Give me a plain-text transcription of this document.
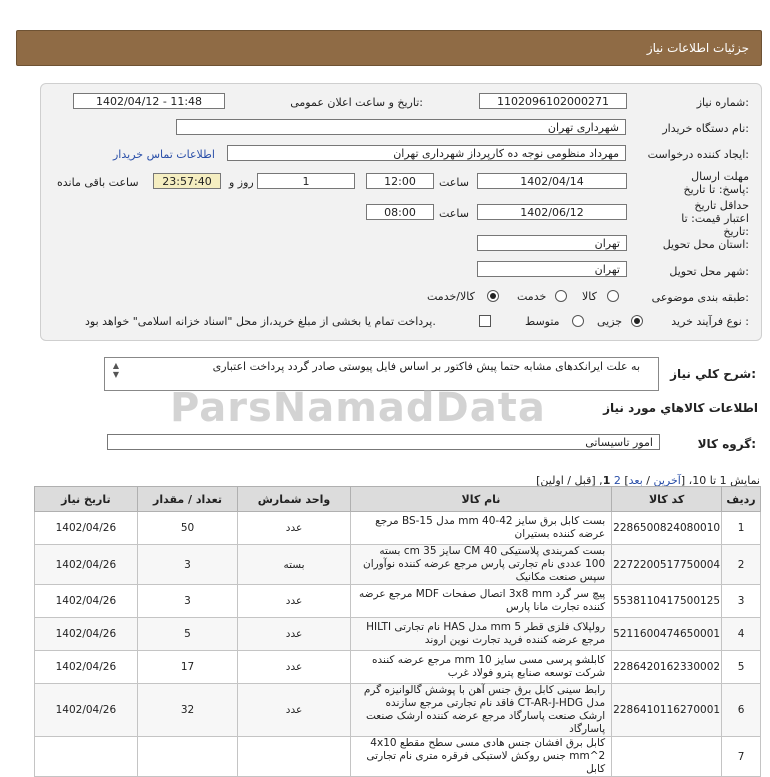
جزئیات اطلاعات نیاز
شماره نیاز:
1102096102000271
تاریخ و ساعت اعلان عمومی:
1402/04/12 - 11:48
نام دستگاه خریدار:
شهرداری تهران
ایجاد کننده درخواست:
مهرداد منظومی نوجه ده کارپرداز شهرداری تهران
اطلاعات تماس خریدار
مهلت ارسال پاسخ: تا تاریخ:
1402/04/14
ساعت
12:00
1
روز و
23:57:40
ساعت باقی مانده
حداقل تاریخ اعتبار قیمت: تا تاریخ:
1402/06/12
ساعت
08:00
استان محل تحویل:
تهران
شهر محل تحویل:
تهران
طبقه بندی موضوعی:
کالا
خدمت
کالا/خدمت
نوع فرآیند خرید :
جزیی
متوسط
پرداخت تمام یا بخشی از مبلغ خرید،از محل "اسناد خزانه اسلامی" خواهد بود.
شرح کلي نياز:
به علت ایرانکدهای مشابه حتما پیش فاکتور بر اساس فایل پیوستی صادر گردد پرداخت اعتباری
▲
▼
ParsNamadData	اطلاعات کالاهاي مورد نياز
گروه کالا:
امور تاسیساتی
نمایش 1 تا 10، [آخرین / بعد] 2 1, [قبل / اولین]
ردیف	کد کالا	نام کالا	واحد شمارش	تعداد / مقدار	تاریخ نیاز
1	2286500824080010	بست کابل برق سایز mm 40-42 مدل BS-15 مرجع عرضه کننده بستیران	عدد	50	1402/04/26
2	2272200517750004	بست کمربندی پلاستیکی CM 40 سایز cm 35 بسته 100 عددی نام تجارتی پارس مرجع عرضه کننده نوآوران سپس صنعت مکانیک	بسته	3	1402/04/26
3	5538110417500125	پیچ سر گرد 3x8 mm اتصال صفحات MDF مرجع عرضه کننده تجارت مانا پارس	عدد	3	1402/04/26
4	5211600474650001	رولپلاک فلزی قطر 5 mm مدل HAS نام تجارتی HILTI مرجع عرضه کننده فرید تجارت نوین اروند	عدد	5	1402/04/26
5	2286420162330002	کابلشو پرسی مسی سایز 10 mm مرجع عرضه کننده شرکت توسعه صنایع پترو فولاد غرب	عدد	17	1402/04/26
6	2286410116270001	رابط سینی کابل برق جنس آهن با پوشش گالوانیزه گرم مدل CT-AR-J-HDG فاقد نام تجارتی مرجع سازنده ارشک صنعت پاسارگاد مرجع عرضه کننده ارشک صنعت پاسارگاد	عدد	32	1402/04/26
7		کابل برق افشان جنس هادی مسی سطح مقطع 4x10 mm^2 جنس روکش لاستیکی فرقره متری نام تجارتی کابل			
